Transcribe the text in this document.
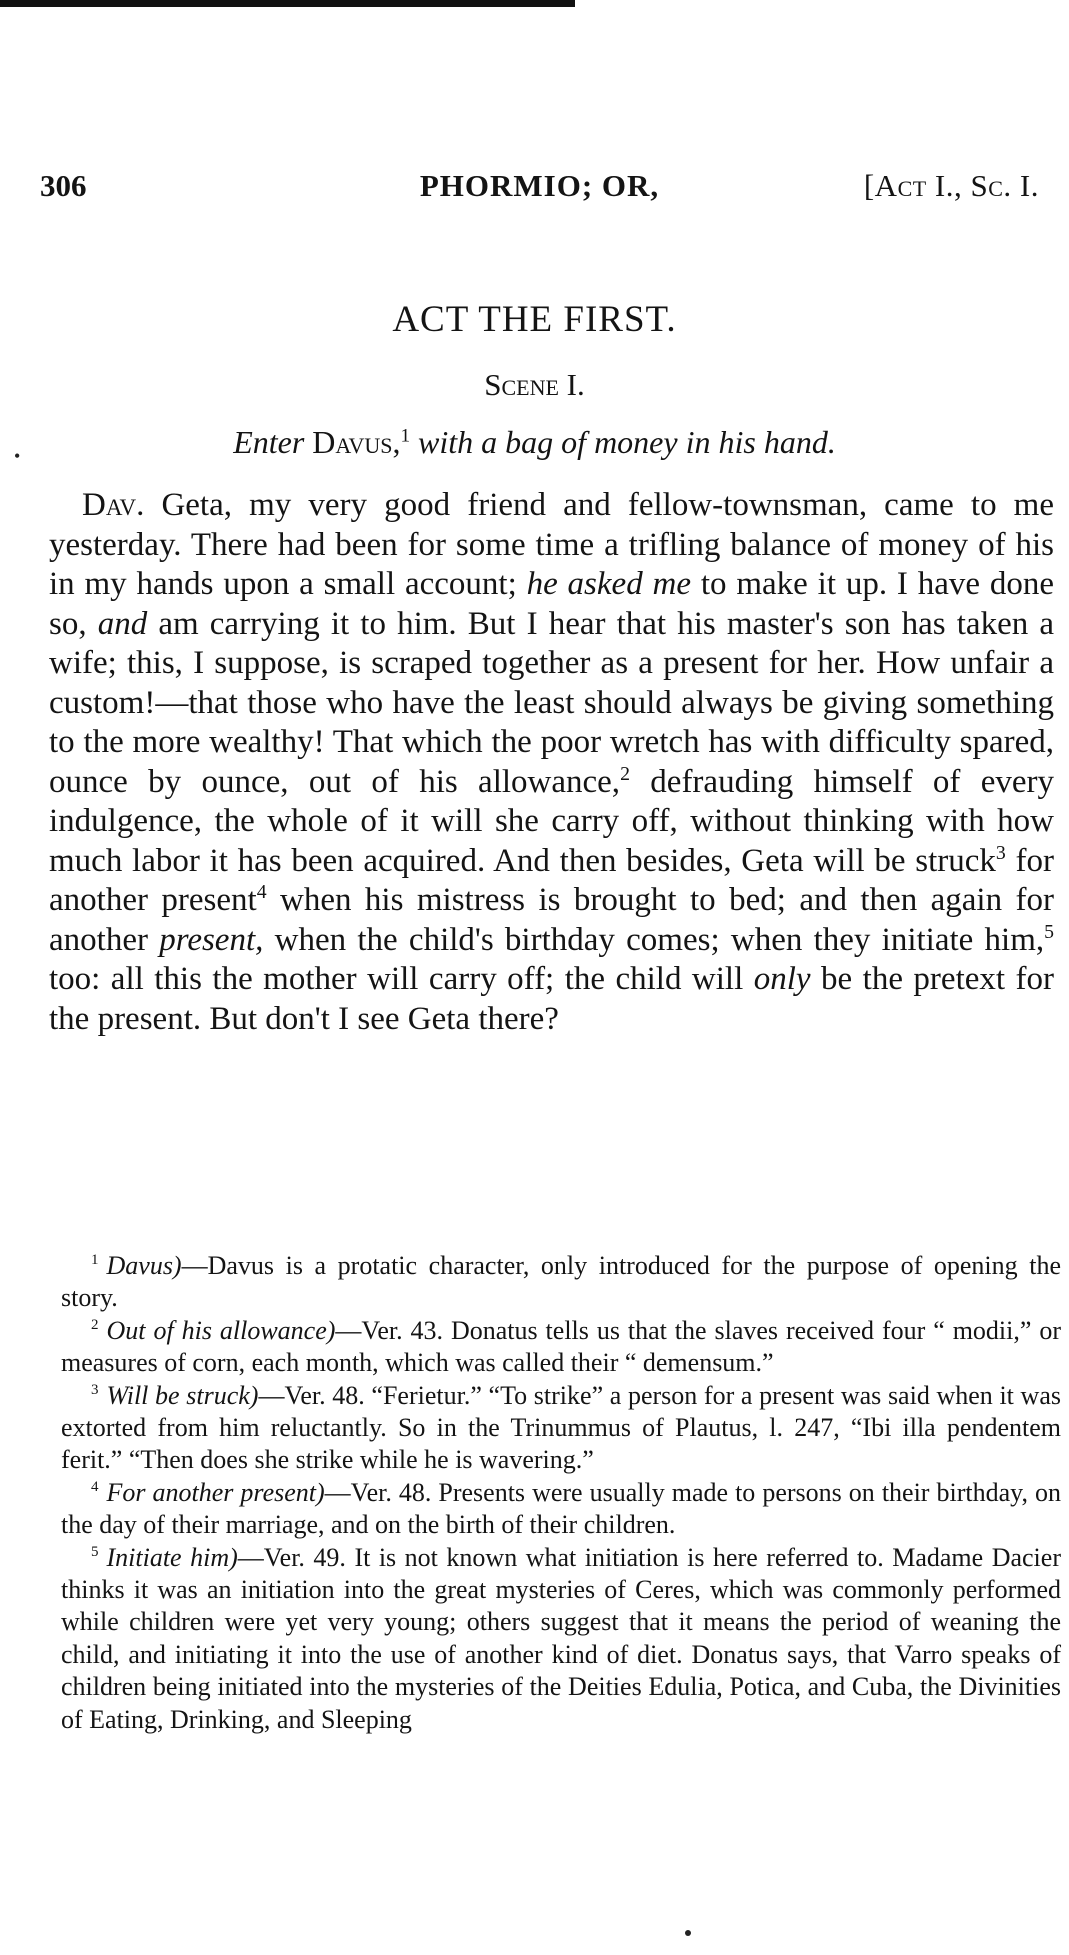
306	PHORMIO; OR,	[Act I., Sc. I.
ACT THE FIRST.
Scene I.
•	Enter Davus,$^1$ with a bag of money in his hand.

Dav. Geta, my very good friend and fellow-townsman, came to me yesterday. There had been for some time a trifling balance of money of his in my hands upon a small account; he asked me to make it up. I have done so, and am carrying it to him. But I hear that his master's son has taken a wife; this, I suppose, is scraped together as a present for her. How unfair a custom!—that those who have the least should always be giving something to the more wealthy! That which the poor wretch has with difficulty spared, ounce by ounce, out of his allowance,$^2$ defrauding himself of every indulgence, the whole of it will she carry off, without thinking with how much labor it has been acquired. And then besides, Geta will be struck$^3$ for another present$^4$ when his mistress is brought to bed; and then again for another present, when the child's birthday comes; when they initiate him,$^5$ too: all this the mother will carry off; the child will only be the pretext for the present. But don't I see Geta there?

$^1$ Davus)—Davus is a protatic character, only introduced for the purpose of opening the story.

$^2$ Out of his allowance)—Ver. 43. Donatus tells us that the slaves received four “ modii,” or measures of corn, each month, which was called their “ demensum.”

$^3$ Will be struck)—Ver. 48. “Ferietur.” “To strike” a person for a present was said when it was extorted from him reluctantly. So in the Trinummus of Plautus, l. 247, “Ibi illa pendentem ferit.” “Then does she strike while he is wavering.”

$^4$ For another present)—Ver. 48. Presents were usually made to persons on their birthday, on the day of their marriage, and on the birth of their children.

$^5$ Initiate him)—Ver. 49. It is not known what initiation is here referred to. Madame Dacier thinks it was an initiation into the great mysteries of Ceres, which was commonly performed while children were yet very young; others suggest that it means the period of weaning the child, and initiating it into the use of another kind of diet. Donatus says, that Varro speaks of children being initiated into the mysteries of the Deities Edulia, Potica, and Cuba, the Divinities of Eating, Drinking, and Sleeping
